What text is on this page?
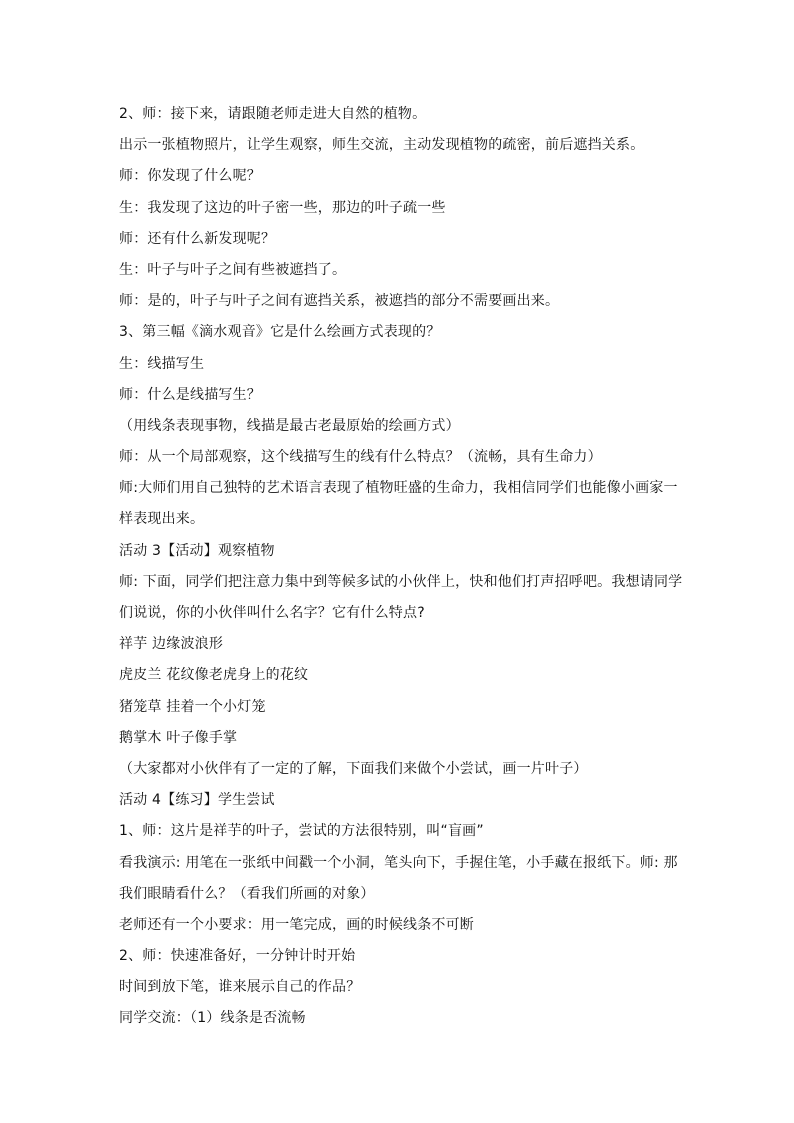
2、师：接下来，请跟随老师走进大自然的植物。
出示一张植物照片，让学生观察，师生交流，主动发现植物的疏密，前后遮挡关系。
师：你发现了什么呢？
生：我发现了这边的叶子密一些，那边的叶子疏一些
师：还有什么新发现呢？
生：叶子与叶子之间有些被遮挡了。
师：是的，叶子与叶子之间有遮挡关系，被遮挡的部分不需要画出来。
3、第三幅《滴水观音》它是什么绘画方式表现的？
生：线描写生
师：什么是线描写生？
（用线条表现事物，线描是最古老最原始的绘画方式）
师：从一个局部观察，这个线描写生的线有什么特点？（流畅，具有生命力）
师:大师们用自己独特的艺术语言表现了植物旺盛的生命力，我相信同学们也能像小画家一
样表现出来。
活动 3【活动】观察植物
师: 下面，同学们把注意力集中到等候多试的小伙伴上，快和他们打声招呼吧。我想请同学
们说说，你的小伙伴叫什么名字？它有什么特点?
祥芋 边缘波浪形
虎皮兰 花纹像老虎身上的花纹
猪笼草 挂着一个小灯笼
鹅掌木 叶子像手掌
（大家都对小伙伴有了一定的了解，下面我们来做个小尝试，画一片叶子）
活动 4【练习】学生尝试
1、师：这片是祥芋的叶子，尝试的方法很特别，叫“盲画”
看我演示: 用笔在一张纸中间戳一个小洞，笔头向下，手握住笔，小手藏在报纸下。师: 那
我们眼睛看什么？（看我们所画的对象）
老师还有一个小要求：用一笔完成，画的时候线条不可断
2、师：快速准备好，一分钟计时开始
时间到放下笔，谁来展示自己的作品？
同学交流：（1）线条是否流畅
